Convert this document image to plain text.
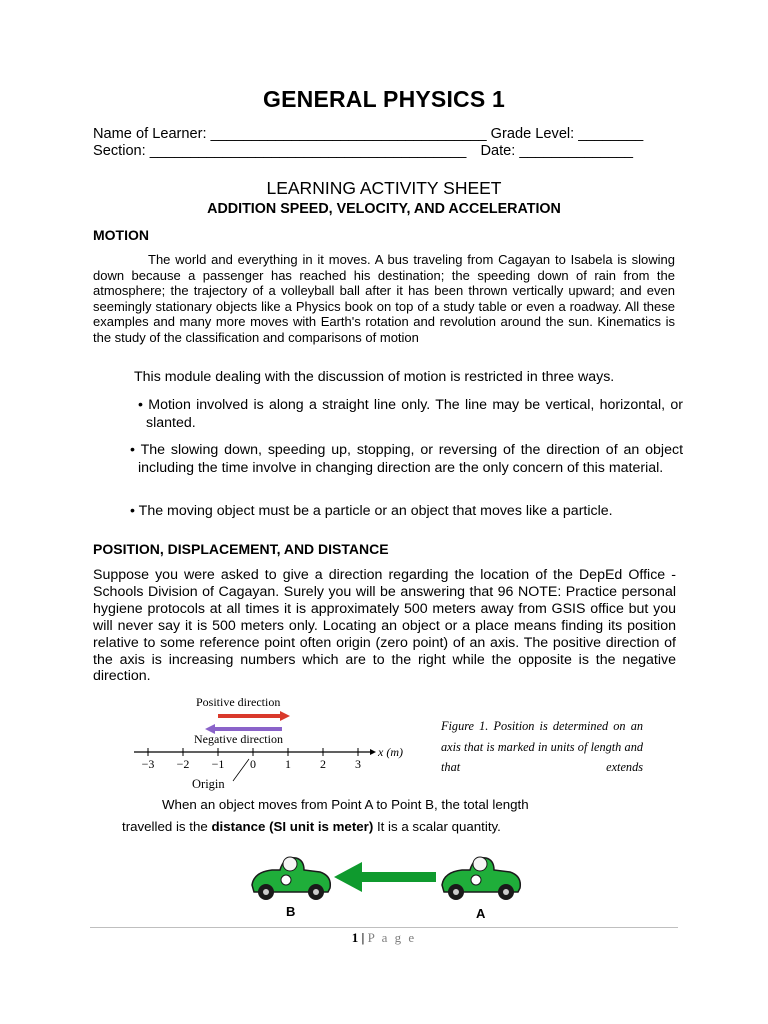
GENERAL PHYSICS 1
Name of Learner: __________________________________ Grade Level: ________
Section: _______________________________________ Date: ______________
LEARNING ACTIVITY SHEET
ADDITION SPEED, VELOCITY, AND ACCELERATION
MOTION

The world and everything in it moves. A bus traveling from Cagayan to Isabela is slowing down because a passenger has reached his destination; the speeding down of rain from the atmosphere; the trajectory of a volleyball ball after it has been thrown vertically upward; and even seemingly stationary objects like a Physics book on top of a study table or even a roadway. All these examples and many more moves with Earth's rotation and revolution around the sun. Kinematics is the study of the classification and comparisons of motion

This module dealing with the discussion of motion is restricted in three ways.

• Motion involved is along a straight line only. The line may be vertical, horizontal, or slanted.

• The slowing down, speeding up, stopping, or reversing of the direction of an object including the time involve in changing direction are the only concern of this material.

• The moving object must be a particle or an object that moves like a particle.

POSITION, DISPLACEMENT, AND DISTANCE

Suppose you were asked to give a direction regarding the location of the DepEd Office - Schools Division of Cagayan. Surely you will be answering that 96 NOTE: Practice personal hygiene protocols at all times it is approximately 500 meters away from GSIS office but you will never say it is 500 meters only. Locating an object or a place means finding its position relative to some reference point often origin (zero point) of an axis. The positive direction of the axis is increasing numbers which are to the right while the opposite is the negative direction.

Positive direction
Negative direction
x (m)
−3 −2 −1 0 1 2 3
Origin

Figure 1. Position is determined on an axis that is marked in units of length and that extends

When an object moves from Point A to Point B, the total length
travelled is the distance (SI unit is meter) It is a scalar quantity.
B	A
1 | P a g e
